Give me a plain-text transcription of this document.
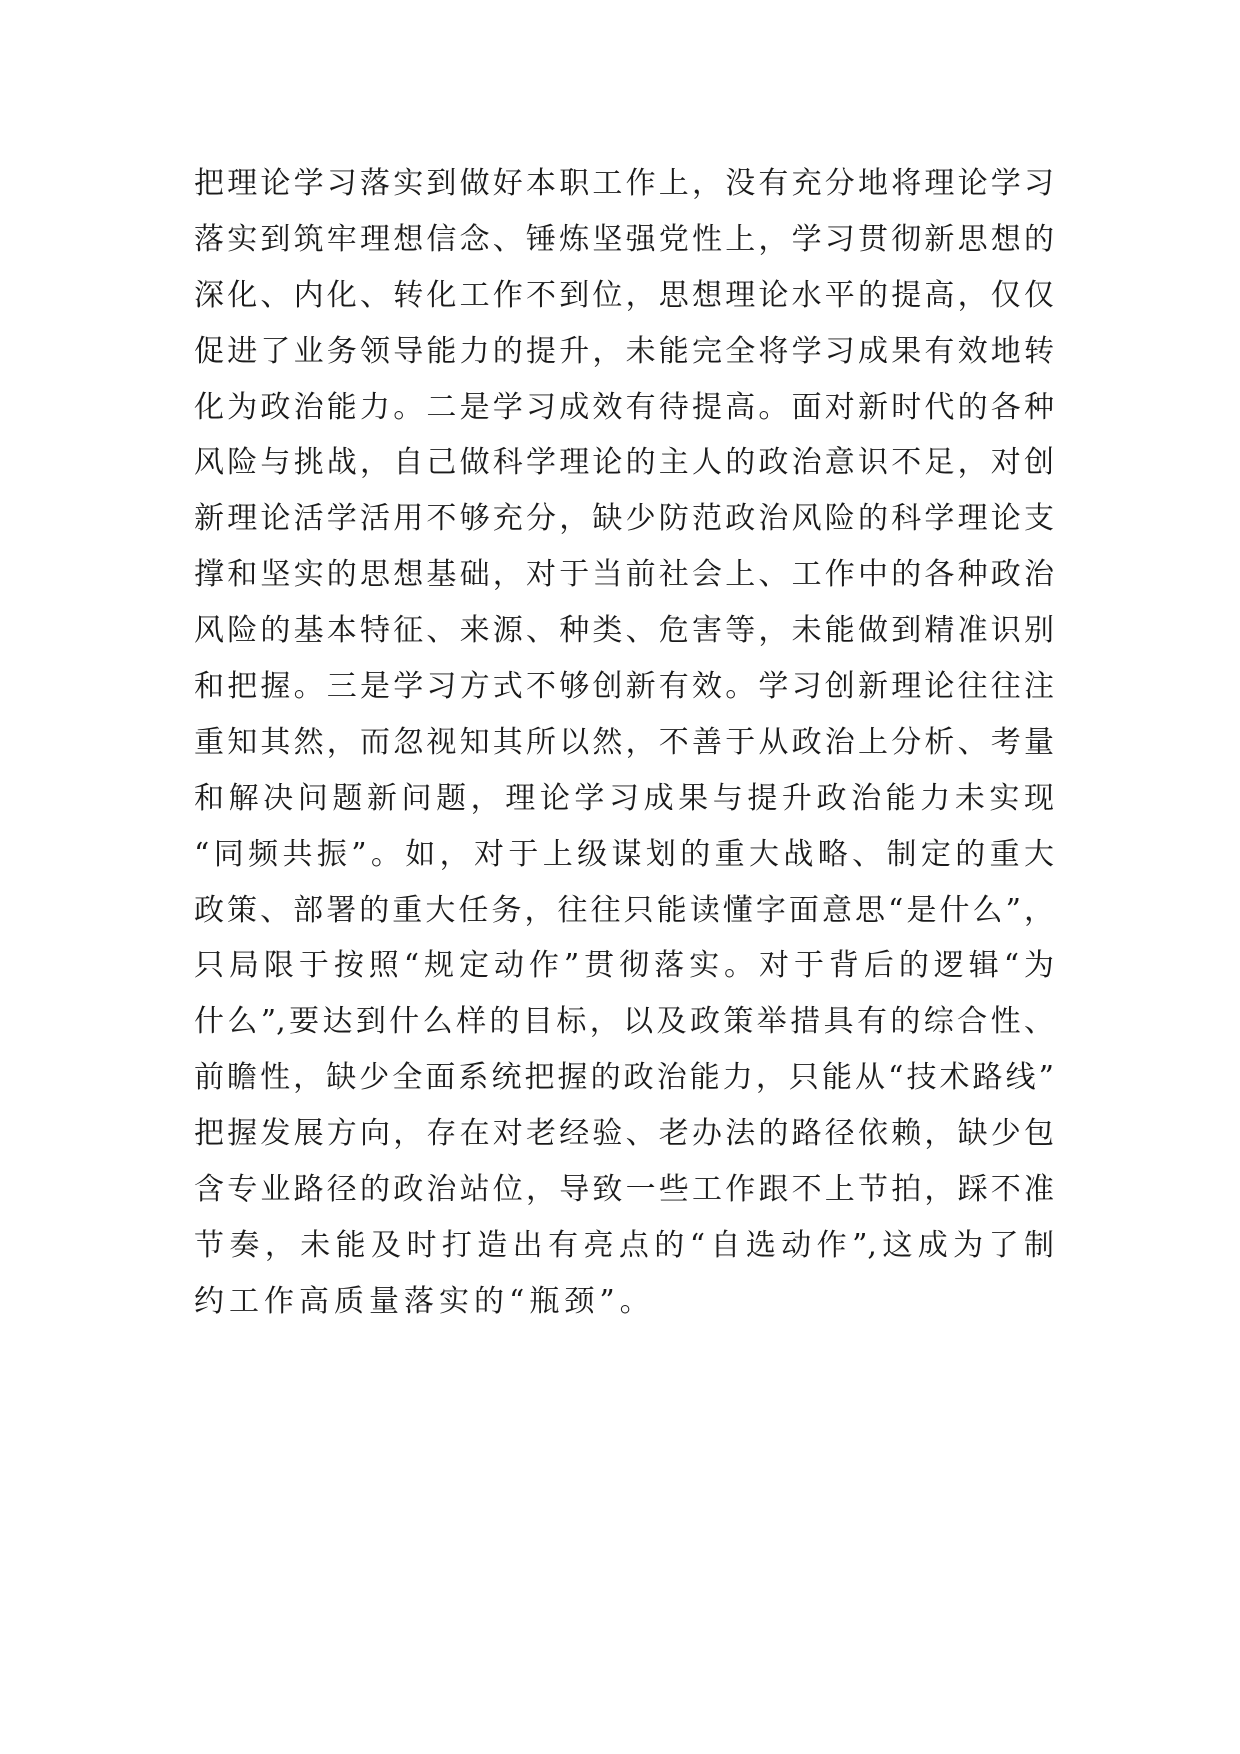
把理论学习落实到做好本职工作上，没有充分地将理论学习
落实到筑牢理想信念、锤炼坚强党性上，学习贯彻新思想的
深化、内化、转化工作不到位，思想理论水平的提高，仅仅
促进了业务领导能力的提升，未能完全将学习成果有效地转
化为政治能力。二是学习成效有待提高。面对新时代的各种
风险与挑战，自己做科学理论的主人的政治意识不足，对创
新理论活学活用不够充分，缺少防范政治风险的科学理论支
撑和坚实的思想基础，对于当前社会上、工作中的各种政治
风险的基本特征、来源、种类、危害等，未能做到精准识别
和把握。三是学习方式不够创新有效。学习创新理论往往注
重知其然，而忽视知其所以然，不善于从政治上分析、考量
和解决问题新问题，理论学习成果与提升政治能力未实现
“同频共振”。如，对于上级谋划的重大战略、制定的重大
政策、部署的重大任务，往往只能读懂字面意思“是什么”，
只局限于按照“规定动作”贯彻落实。对于背后的逻辑“为
什么”,要达到什么样的目标，以及政策举措具有的综合性、
前瞻性，缺少全面系统把握的政治能力，只能从“技术路线”
把握发展方向，存在对老经验、老办法的路径依赖，缺少包
含专业路径的政治站位，导致一些工作跟不上节拍，踩不准
节奏，未能及时打造出有亮点的“自选动作”,这成为了制
约工作高质量落实的“瓶颈”。
